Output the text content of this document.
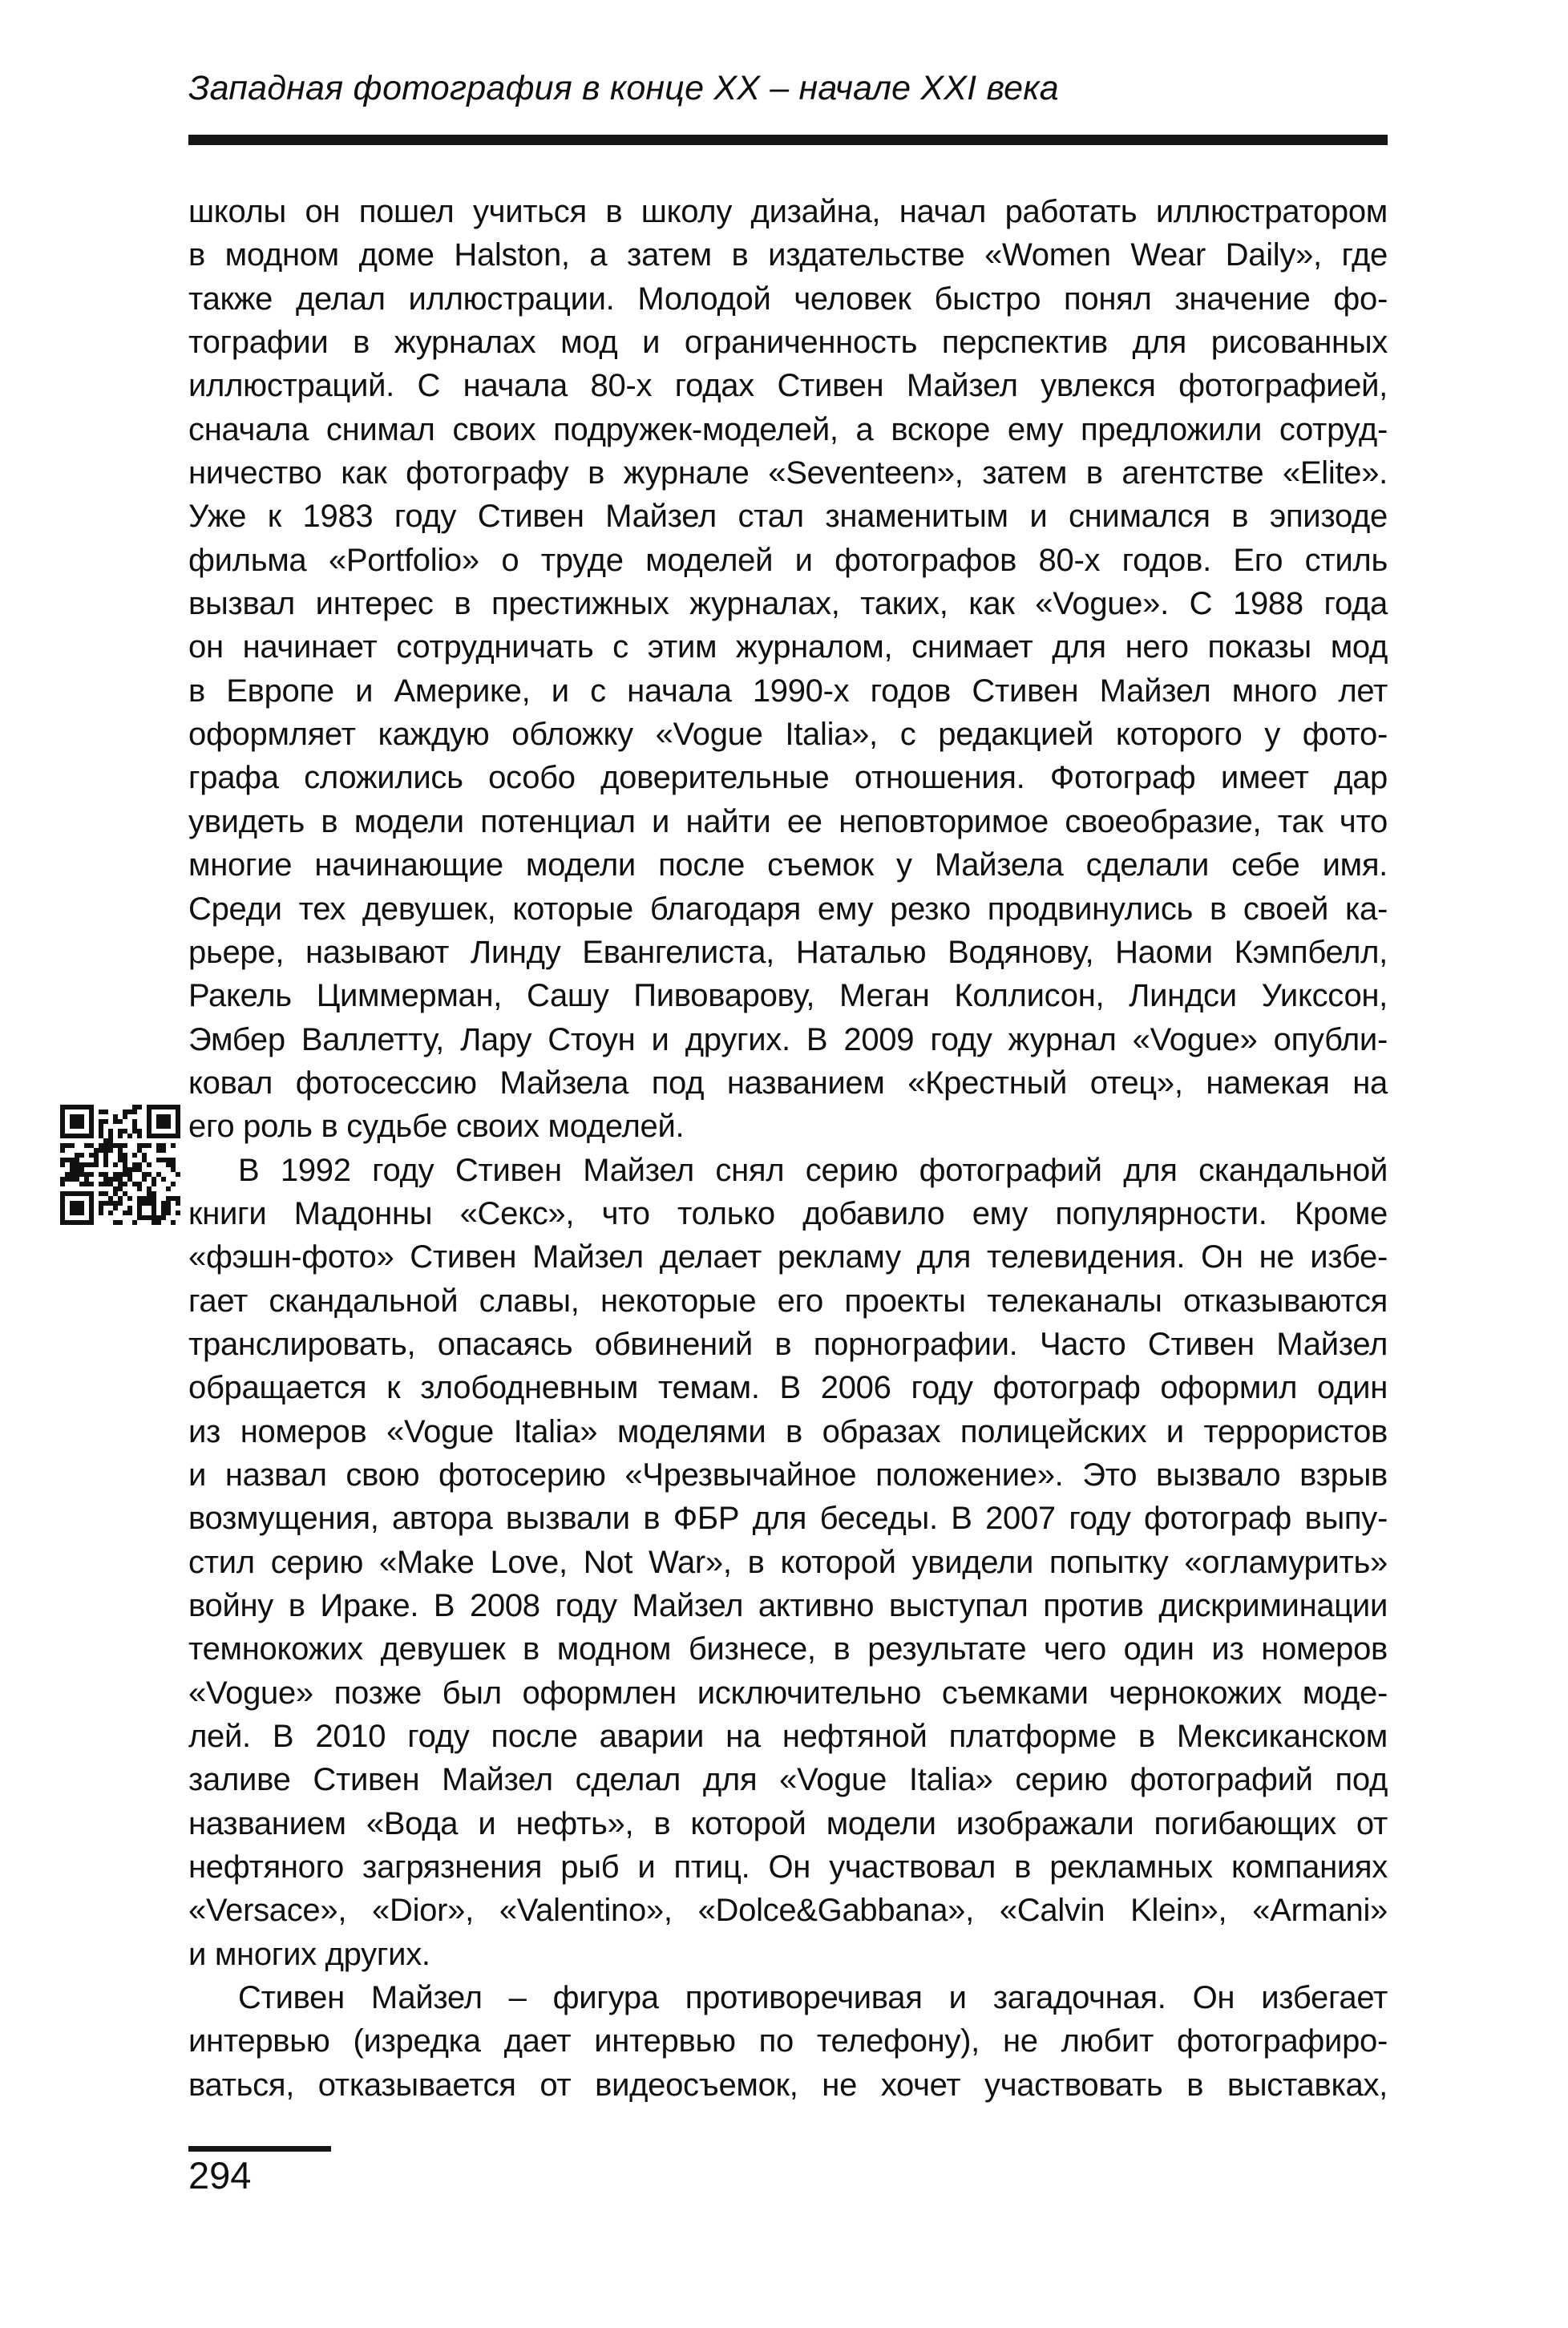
Западная фотография в конце XX – начале XXI века
школы он пошел учиться в школу дизайна, начал работать иллюстратором
в модном доме Halston, а затем в издательстве «Women Wear Daily», где
также делал иллюстрации. Молодой человек быстро понял значение фо-
тографии в журналах мод и ограниченность перспектив для рисованных
иллюстраций. С начала 80-х годах Стивен Майзел увлекся фотографией,
сначала снимал своих подружек-моделей, а вскоре ему предложили сотруд-
ничество как фотографу в журнале «Seventeen», затем в агентстве «Elite».
Уже к 1983 году Стивен Майзел стал знаменитым и снимался в эпизоде
фильма «Portfolio» о труде моделей и фотографов 80-х годов. Его стиль
вызвал интерес в престижных журналах, таких, как «Vogue». С 1988 года
он начинает сотрудничать с этим журналом, снимает для него показы мод
в Европе и Америке, и с начала 1990-х годов Стивен Майзел много лет
оформляет каждую обложку «Vogue Italia», с редакцией которого у фото-
графа сложились особо доверительные отношения. Фотограф имеет дар
увидеть в модели потенциал и найти ее неповторимое своеобразие, так что
многие начинающие модели после съемок у Майзела сделали себе имя.
Среди тех девушек, которые благодаря ему резко продвинулись в своей ка-
рьере, называют Линду Евангелиста, Наталью Водянову, Наоми Кэмпбелл,
Ракель Циммерман, Сашу Пивоварову, Меган Коллисон, Линдси Уикссон,
Эмбер Валлетту, Лару Стоун и других. В 2009 году журнал «Vogue» опубли-
ковал фотосессию Майзела под названием «Крестный отец», намекая на
его роль в судьбе своих моделей.
В 1992 году Стивен Майзел снял серию фотографий для скандальной
книги Мадонны «Секс», что только добавило ему популярности. Кроме
«фэшн-фото» Стивен Майзел делает рекламу для телевидения. Он не избе-
гает скандальной славы, некоторые его проекты телеканалы отказываются
транслировать, опасаясь обвинений в порнографии. Часто Стивен Майзел
обращается к злободневным темам. В 2006 году фотограф оформил один
из номеров «Vogue Italia» моделями в образах полицейских и террористов
и назвал свою фотосерию «Чрезвычайное положение». Это вызвало взрыв
возмущения, автора вызвали в ФБР для беседы. В 2007 году фотограф выпу-
стил серию «Make Love, Not War», в которой увидели попытку «огламурить»
войну в Ираке. В 2008 году Майзел активно выступал против дискриминации
темнокожих девушек в модном бизнесе, в результате чего один из номеров
«Vogue» позже был оформлен исключительно съемками чернокожих моде-
лей. В 2010 году после аварии на нефтяной платформе в Мексиканском
заливе Стивен Майзел сделал для «Vogue Italia» серию фотографий под
названием «Вода и нефть», в которой модели изображали погибающих от
нефтяного загрязнения рыб и птиц. Он участвовал в рекламных компаниях
«Versace», «Dior», «Valentino», «Dolce&Gabbana», «Calvin Klein», «Armani»
и многих других.
Стивен Майзел – фигура противоречивая и загадочная. Он избегает
интервью (изредка дает интервью по телефону), не любит фотографиро-
ваться, отказывается от видеосъемок, не хочет участвовать в выставках,
294
